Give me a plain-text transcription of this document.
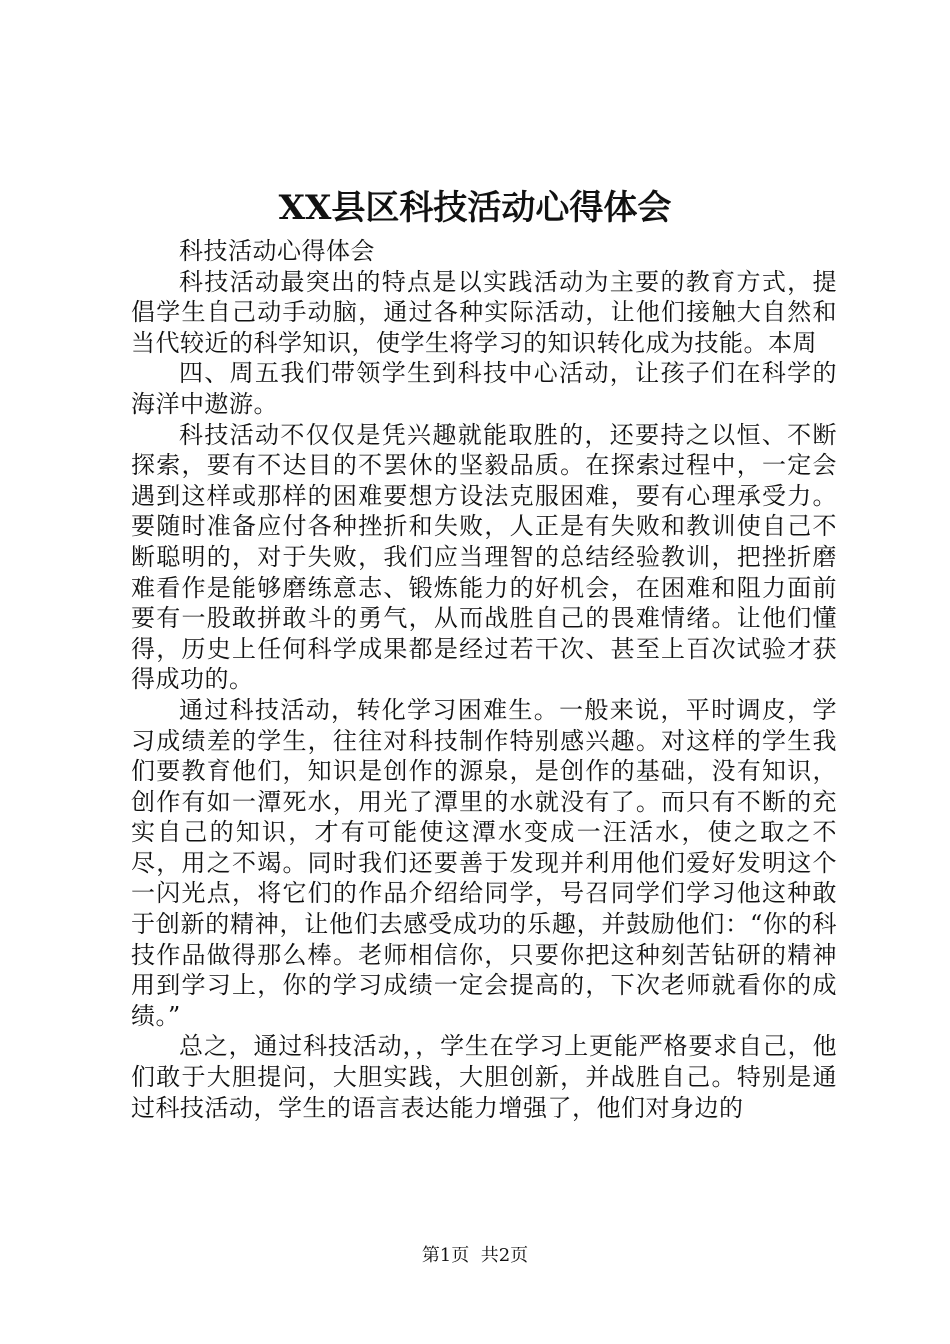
XX县区科技活动心得体会

科技活动心得体会

科技活动最突出的特点是以实践活动为主要的教育方式，提倡学生自己动手动脑，通过各种实际活动，让他们接触大自然和当代较近的科学知识，使学生将学习的知识转化成为技能。本周

四、周五我们带领学生到科技中心活动，让孩子们在科学的海洋中遨游。

科技活动不仅仅是凭兴趣就能取胜的，还要持之以恒、不断探索，要有不达目的不罢休的坚毅品质。在探索过程中，一定会遇到这样或那样的困难要想方设法克服困难，要有心理承受力。要随时准备应付各种挫折和失败，人正是有失败和教训使自己不断聪明的，对于失败，我们应当理智的总结经验教训，把挫折磨难看作是能够磨练意志、锻炼能力的好机会，在困难和阻力面前要有一股敢拼敢斗的勇气，从而战胜自己的畏难情绪。让他们懂得，历史上任何科学成果都是经过若干次、甚至上百次试验才获得成功的。

通过科技活动，转化学习困难生。一般来说，平时调皮，学习成绩差的学生，往往对科技制作特别感兴趣。对这样的学生我们要教育他们，知识是创作的源泉，是创作的基础，没有知识，创作有如一潭死水，用光了潭里的水就没有了。而只有不断的充实自己的知识，才有可能使这潭水变成一汪活水，使之取之不尽，用之不竭。同时我们还要善于发现并利用他们爱好发明这个一闪光点，将它们的作品介绍给同学，号召同学们学习他这种敢于创新的精神，让他们去感受成功的乐趣，并鼓励他们：“你的科技作品做得那么棒。老师相信你，只要你把这种刻苦钻研的精神用到学习上，你的学习成绩一定会提高的，下次老师就看你的成绩。”

总之，通过科技活动，，学生在学习上更能严格要求自己，他们敢于大胆提问，大胆实践，大胆创新，并战胜自己。特别是通过科技活动，学生的语言表达能力增强了，他们对身边的

第1页 共2页
